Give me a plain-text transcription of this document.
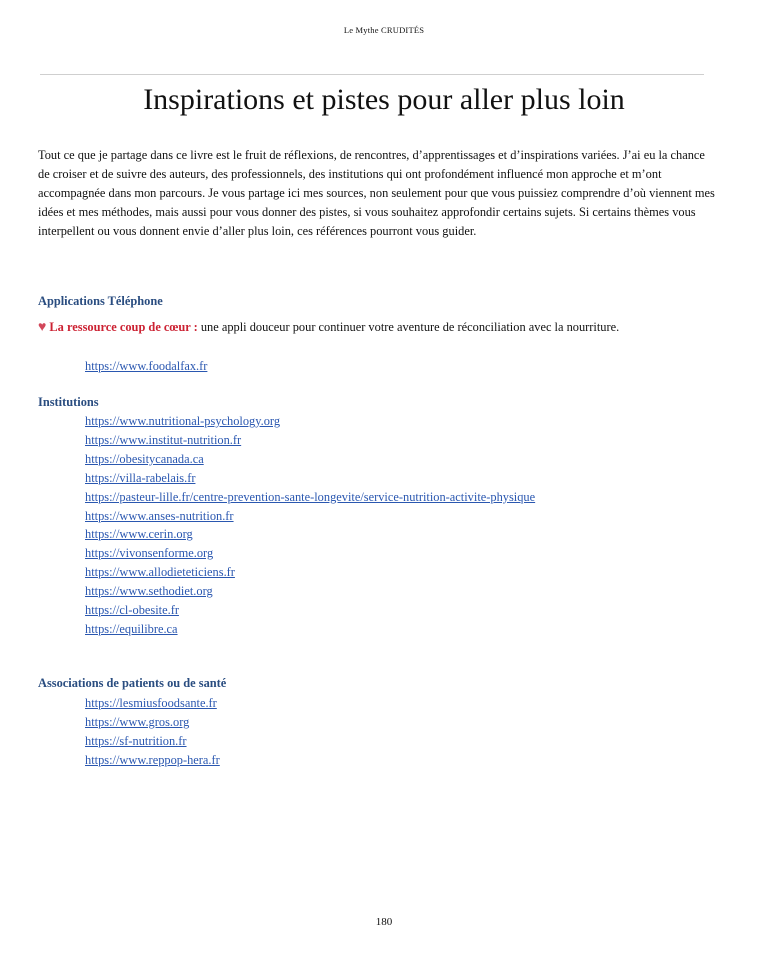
Le Mythe CRUDITÉS
Inspirations et pistes pour aller plus loin

Tout ce que je partage dans ce livre est le fruit de réflexions, de rencontres, d’apprentissages et d’inspirations variées. J’ai eu la chance de croiser et de suivre des auteurs, des professionnels, des institutions qui ont profondément influencé mon approche et m’ont accompagnée dans mon parcours. Je vous partage ici mes sources, non seulement pour que vous puissiez comprendre d’où viennent mes idées et mes méthodes, mais aussi pour vous donner des pistes, si vous souhaitez approfondir certains sujets. Si certains thèmes vous interpellent ou vous donnent envie d’aller plus loin, ces références pourront vous guider.

Applications Téléphone
♥ La ressource coup de cœur : une appli douceur pour continuer votre aventure de réconciliation avec la nourriture.
https://www.foodalfax.fr
Institutions
https://www.nutritional-psychology.org
https://www.institut-nutrition.fr
https://obesitycanada.ca
https://villa-rabelais.fr
https://pasteur-lille.fr/centre-prevention-sante-longevite/service-nutrition-activite-physique
https://www.anses-nutrition.fr
https://www.cerin.org
https://vivonsenforme.org
https://www.allodieteticiens.fr
https://www.sethodiet.org
https://cl-obesite.fr
https://equilibre.ca
Associations de patients ou de santé
https://lesmiusfoodsante.fr
https://www.gros.org
https://sf-nutrition.fr
https://www.reppop-hera.fr
180
